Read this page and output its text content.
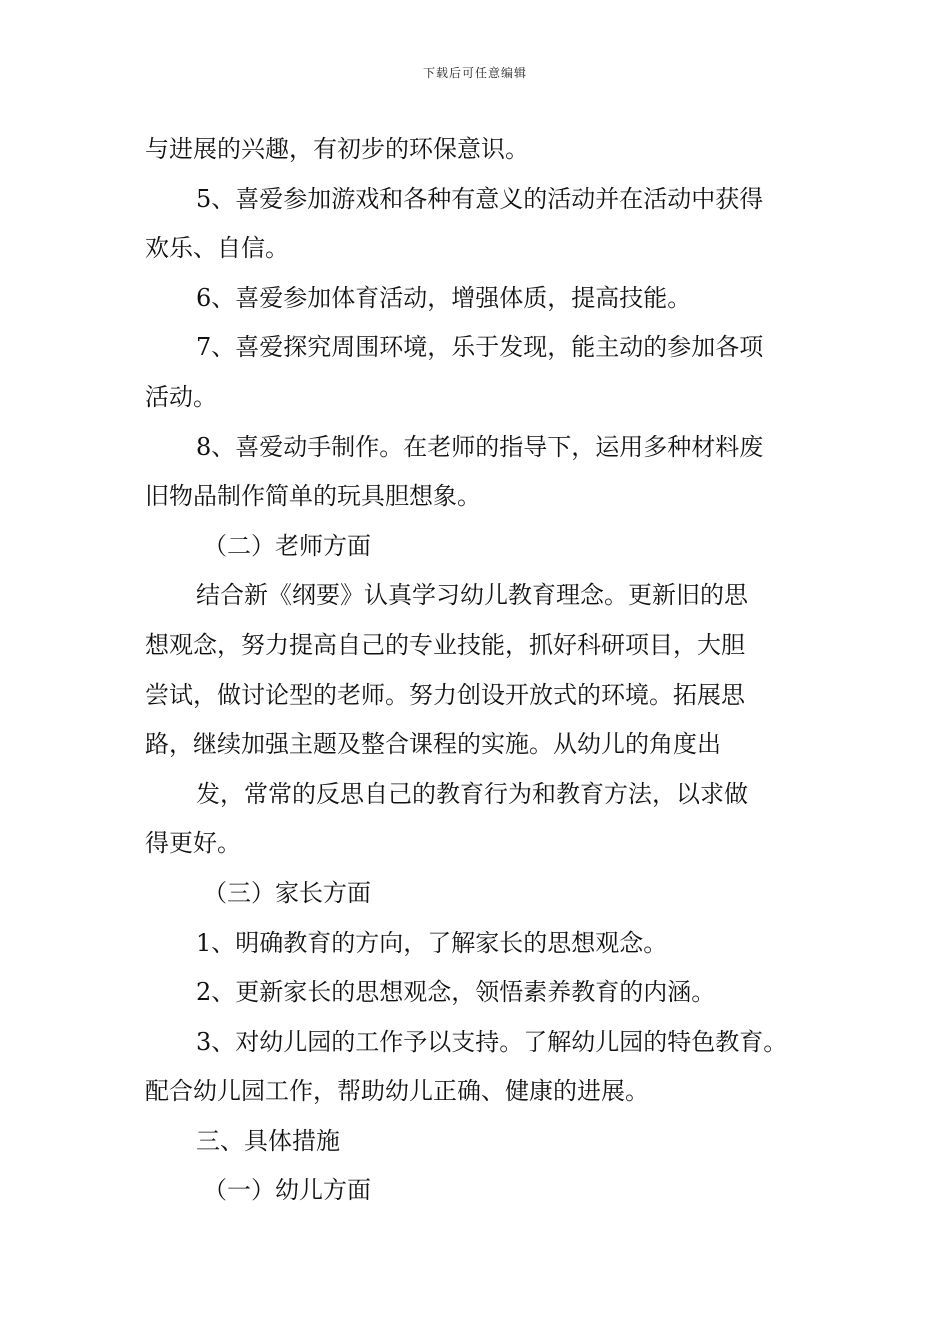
下载后可任意编辑

与进展的兴趣，有初步的环保意识。

5、喜爱参加游戏和各种有意义的活动并在活动中获得

欢乐、自信。

6、喜爱参加体育活动，增强体质，提高技能。

7、喜爱探究周围环境，乐于发现，能主动的参加各项

活动。

8、喜爱动手制作。在老师的指导下，运用多种材料废

旧物品制作简单的玩具胆想象。

（二）老师方面

结合新《纲要》认真学习幼儿教育理念。更新旧的思

想观念，努力提高自己的专业技能，抓好科研项目，大胆

尝试，做讨论型的老师。努力创设开放式的环境。拓展思

路，继续加强主题及整合课程的实施。从幼儿的角度出

发，常常的反思自己的教育行为和教育方法，以求做

得更好。

（三）家长方面

1、明确教育的方向，了解家长的思想观念。

2、更新家长的思想观念，领悟素养教育的内涵。

3、对幼儿园的工作予以支持。了解幼儿园的特色教育。

配合幼儿园工作，帮助幼儿正确、健康的进展。

三、具体措施

（一）幼儿方面
